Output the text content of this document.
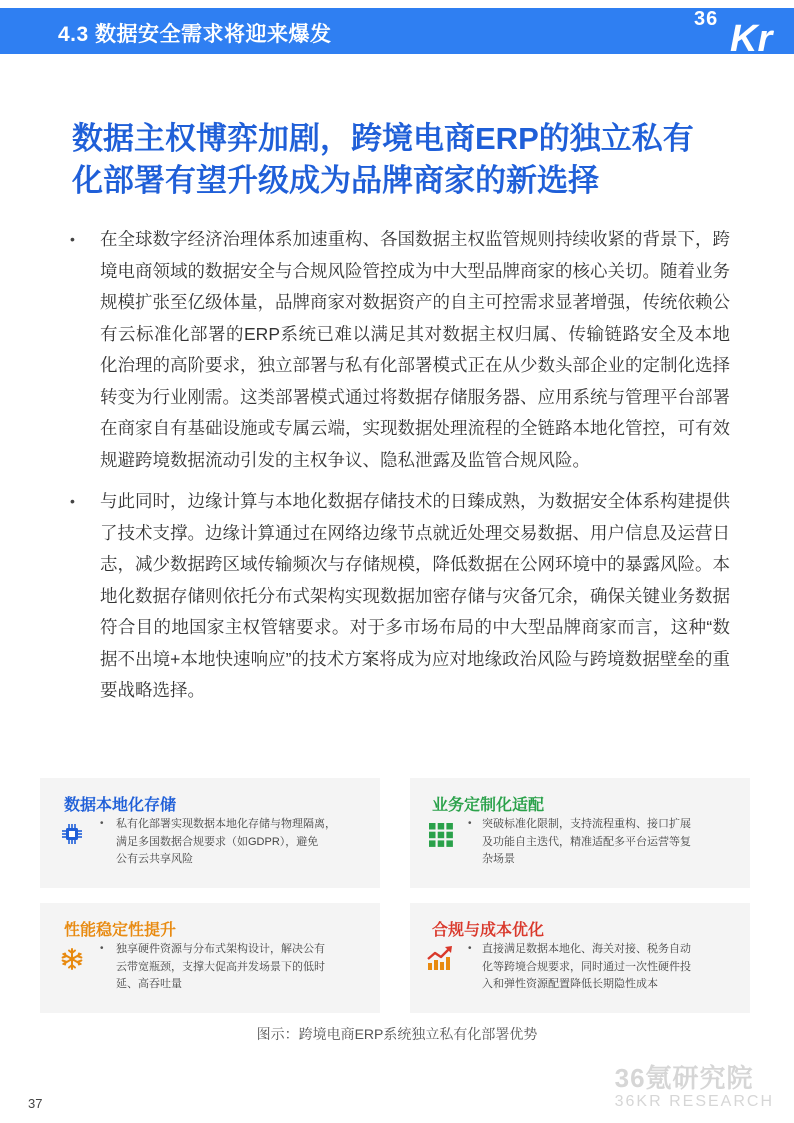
4.3 数据安全需求将迎来爆发
36 Kr
数据主权博弈加剧，跨境电商ERP的独立私有
化部署有望升级成为品牌商家的新选择
• 在全球数字经济治理体系加速重构、各国数据主权监管规则持续收紧的背景下，跨境电商领域的数据安全与合规风险管控成为中大型品牌商家的核心关切。随着业务规模扩张至亿级体量，品牌商家对数据资产的自主可控需求显著增强，传统依赖公有云标准化部署的ERP系统已难以满足其对数据主权归属、传输链路安全及本地化治理的高阶要求，独立部署与私有化部署模式正在从少数头部企业的定制化选择转变为行业刚需。这类部署模式通过将数据存储服务器、应用系统与管理平台部署在商家自有基础设施或专属云端，实现数据处理流程的全链路本地化管控，可有效规避跨境数据流动引发的主权争议、隐私泄露及监管合规风险。
• 与此同时，边缘计算与本地化数据存储技术的日臻成熟，为数据安全体系构建提供了技术支撑。边缘计算通过在网络边缘节点就近处理交易数据、用户信息及运营日志，减少数据跨区域传输频次与存储规模，降低数据在公网环境中的暴露风险。本地化数据存储则依托分布式架构实现数据加密存储与灾备冗余，确保关键业务数据符合目的地国家主权管辖要求。对于多市场布局的中大型品牌商家而言，这种“数据不出境+本地快速响应”的技术方案将成为应对地缘政治风险与跨境数据壁垒的重要战略选择。
数据本地化存储
• 私有化部署实现数据本地化存储与物理隔离，
满足多国数据合规要求（如GDPR），避免
公有云共享风险
业务定制化适配
• 突破标准化限制，支持流程重构、接口扩展
及功能自主迭代，精准适配多平台运营等复
杂场景
性能稳定性提升
• 独享硬件资源与分布式架构设计，解决公有
云带宽瓶颈，支撑大促高并发场景下的低时
延、高吞吐量
合规与成本优化
• 直接满足数据本地化、海关对接、税务自动
化等跨境合规要求，同时通过一次性硬件投
入和弹性资源配置降低长期隐性成本
图示：跨境电商ERP系统独立私有化部署优势
36氪研究院
36KR RESEARCH
37
